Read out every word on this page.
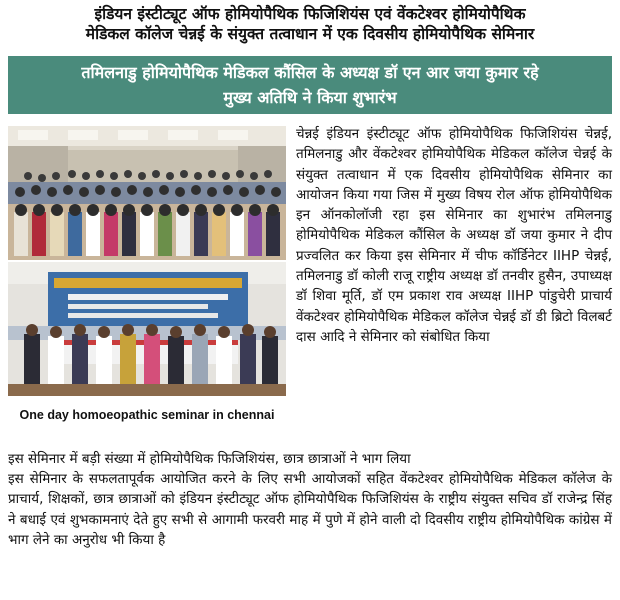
इंडियन इंस्टीट्यूट ऑफ होमियोपैथिक फिजिशियंस एवं वेंकटेश्वर होमियोपैथिक
मेडिकल कॉलेज चेन्नई के संयुक्त तत्वाधान में एक दिवसीय होमियोपैथिक सेमिनार
तमिलनाडु होमियोपैथिक मेडिकल कौंसिल के अध्यक्ष डॉ एन आर जया कुमार रहे
मुख्य अतिथि ने किया शुभारंभ
One day homoeopathic seminar in chennai
चेन्नई इंडियन इंस्टीट्यूट ऑफ होमियोपैथिक फिजिशियंस चेन्नई, तमिलनाडु और वेंकटेश्वर होमियोपैथिक मेडिकल कॉलेज चेन्नई के संयुक्त तत्वाधान में एक दिवसीय होमियोपैथिक सेमिनार का आयोजन किया गया जिस में मुख्य विषय रोल ऑफ होमियोपैथिक इन ऑनकोलॉजी रहा इस सेमिनार का शुभारंभ तमिलनाडु होमियोपैथिक मेडिकल कौंसिल के अध्यक्ष डॉ जया कुमार ने दीप प्रज्वलित कर किया इस सेमिनार में चीफ कॉर्डिनेटर IIHP चेन्नई, तमिलनाडु डॉ कोली राजू राष्ट्रीय अध्यक्ष डॉ तनवीर हुसैन, उपाध्यक्ष डॉ शिवा मूर्ति, डॉ एम प्रकाश राव अध्यक्ष IIHP पांडुचेरी प्राचार्य वेंकटेश्वर होमियोपैथिक मेडिकल कॉलेज चेन्नई डॉ डी ब्रिटो विलबर्ट दास आदि ने सेमिनार को संबोधित किया
इस सेमिनार में बड़ी संख्या में होमियोपैथिक फिजिशियंस, छात्र छात्राओं ने भाग लिया
इस सेमिनार के सफलतापूर्वक आयोजित करने के लिए सभी आयोजकों सहित वेंकटेश्वर होमियोपैथिक मेडिकल कॉलेज के प्राचार्य, शिक्षकों, छात्र छात्राओं को इंडियन इंस्टीट्यूट ऑफ होमियोपैथिक फिजिशियंस के राष्ट्रीय संयुक्त सचिव डॉ राजेन्द्र सिंह ने बधाई एवं शुभकामनाएं देते हुए सभी से आगामी फरवरी माह में पुणे में होने वाली दो दिवसीय राष्ट्रीय होमियोपैथिक कांग्रेस में भाग लेने का अनुरोध भी किया है
